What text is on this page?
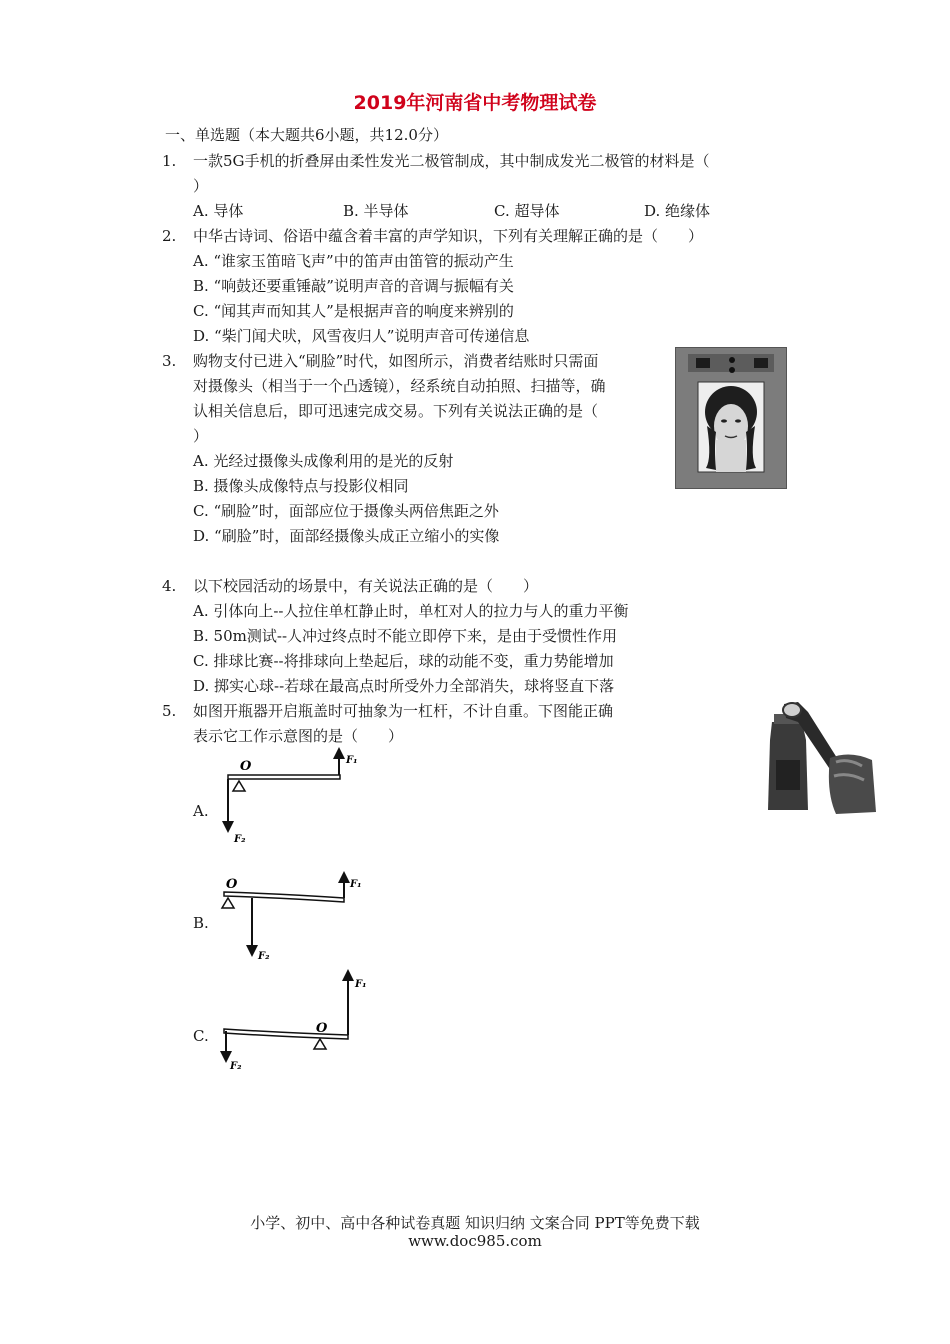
2019年河南省中考物理试卷
一、单选题（本大题共6小题，共12.0分）
1. 一款5G手机的折叠屏由柔性发光二极管制成，其中制成发光二极管的材料是（
）
A. 导体	B. 半导体	C. 超导体	D. 绝缘体
2. 中华古诗词、俗语中蕴含着丰富的声学知识，下列有关理解正确的是（　　）
A. “谁家玉笛暗飞声”中的笛声由笛管的振动产生
B. “响鼓还要重锤敲”说明声音的音调与振幅有关
C. “闻其声而知其人”是根据声音的响度来辨别的
D. “柴门闻犬吠，风雪夜归人”说明声音可传递信息
3. 购物支付已进入“刷脸”时代，如图所示，消费者结账时只需面
对摄像头（相当于一个凸透镜），经系统自动拍照、扫描等，确
认相关信息后，即可迅速完成交易。下列有关说法正确的是（
）
A. 光经过摄像头成像利用的是光的反射
B. 摄像头成像特点与投影仪相同
C. “刷脸”时，面部应位于摄像头两倍焦距之外
D. “刷脸”时，面部经摄像头成正立缩小的实像
4. 以下校园活动的场景中，有关说法正确的是（　　）
A. 引体向上--人拉住单杠静止时，单杠对人的拉力与人的重力平衡
B. 50m测试--人冲过终点时不能立即停下来，是由于受惯性作用
C. 排球比赛--将排球向上垫起后，球的动能不变，重力势能增加
D. 掷实心球--若球在最高点时所受外力全部消失，球将竖直下落
5. 如图开瓶器开启瓶盖时可抽象为一杠杆，不计自重。下图能正确
表示它工作示意图的是（　　）
A.
O	F₁
F₂
B.
O	F₁
F₂
C.	O
F₁
F₂
小学、初中、高中各种试卷真题 知识归纳 文案合同 PPT等免费下载
www.doc985.com
